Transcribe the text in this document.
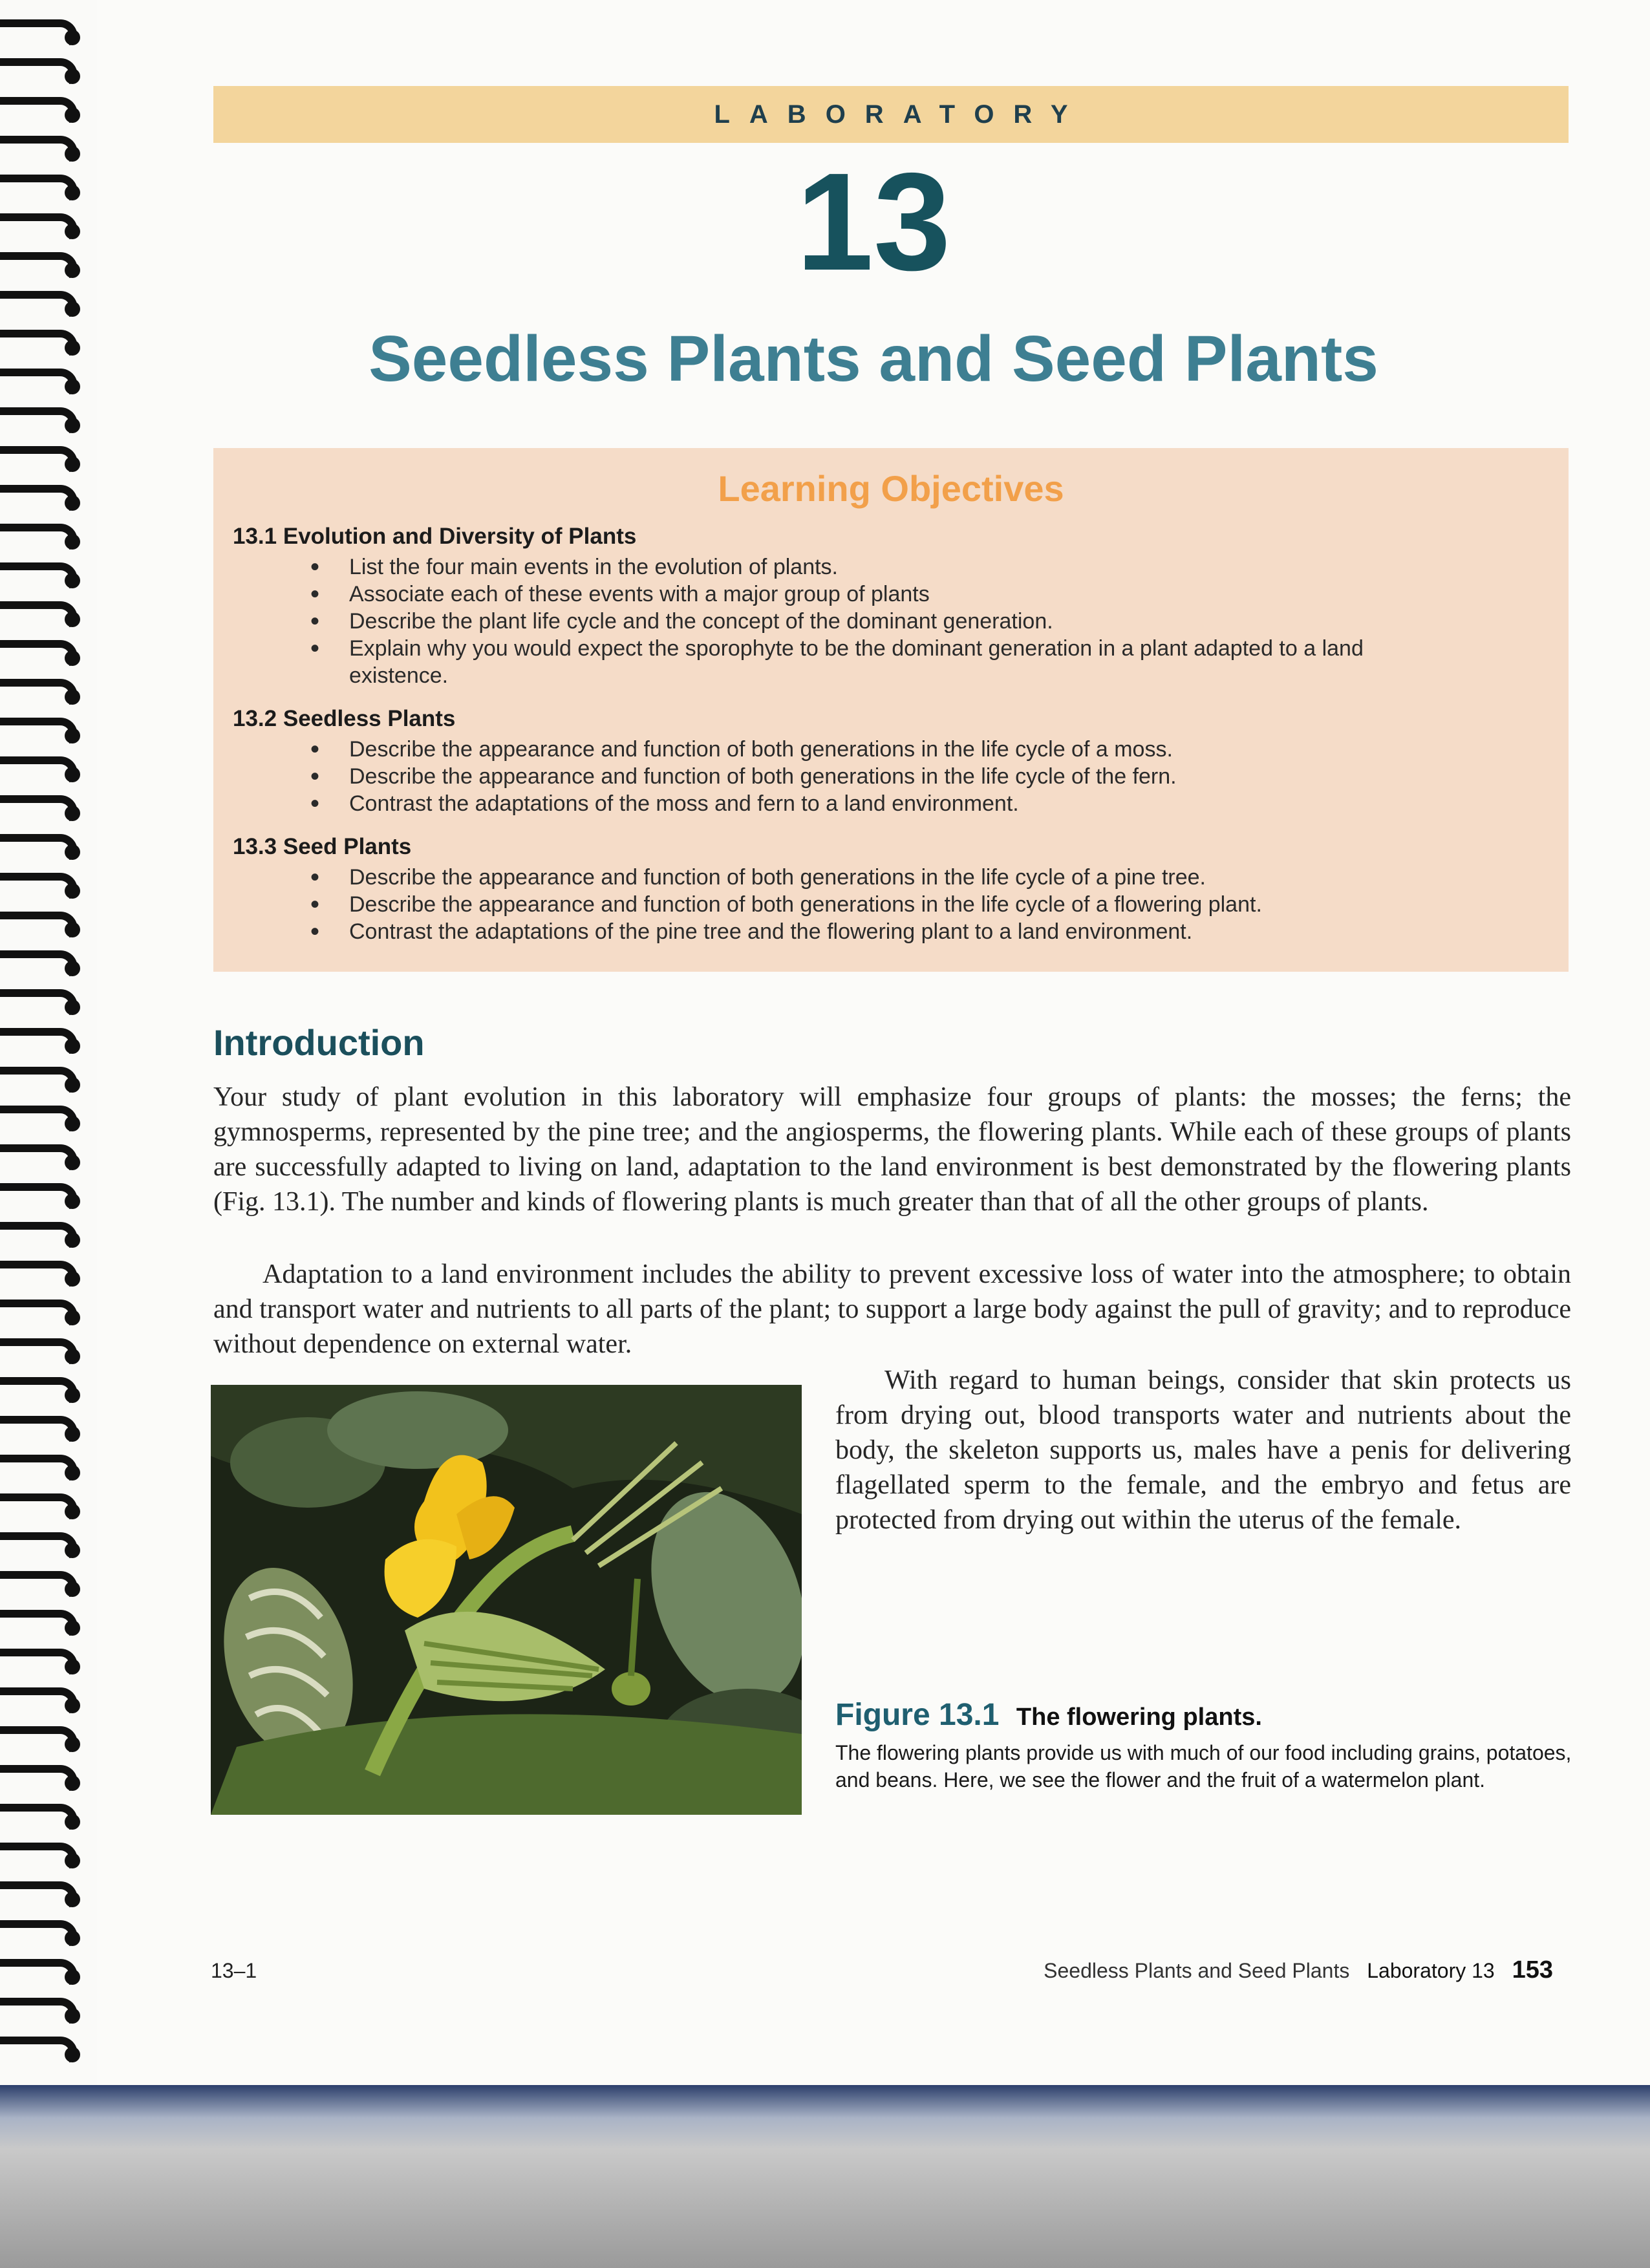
LABORATORY
13
Seedless Plants and Seed Plants
Learning Objectives
13.1 Evolution and Diversity of Plants
• List the four main events in the evolution of plants.
• Associate each of these events with a major group of plants
• Describe the plant life cycle and the concept of the dominant generation.
• Explain why you would expect the sporophyte to be the dominant generation in a plant adapted to a land existence.
13.2 Seedless Plants
• Describe the appearance and function of both generations in the life cycle of a moss.
• Describe the appearance and function of both generations in the life cycle of the fern.
• Contrast the adaptations of the moss and fern to a land environment.
13.3 Seed Plants
• Describe the appearance and function of both generations in the life cycle of a pine tree.
• Describe the appearance and function of both generations in the life cycle of a flowering plant.
• Contrast the adaptations of the pine tree and the flowering plant to a land environment.
Introduction

Your study of plant evolution in this laboratory will emphasize four groups of plants: the mosses; the ferns; the gymnosperms, represented by the pine tree; and the angiosperms, the flowering plants. While each of these groups of plants are successfully adapted to living on land, adaptation to the land environment is best demonstrated by the flowering plants (Fig. 13.1). The number and kinds of flowering plants is much greater than that of all the other groups of plants.

Adaptation to a land environment includes the ability to prevent excessive loss of water into the atmosphere; to obtain and transport water and nutrients to all parts of the plant; to support a large body against the pull of gravity; and to reproduce without dependence on external water.

With regard to human beings, consider that skin protects us from drying out, blood transports water and nutrients about the body, the skeleton supports us, males have a penis for delivering flagellated sperm to the female, and the embryo and fetus are protected from drying out within the uterus of the female.

Figure 13.1 The flowering plants.
The flowering plants provide us with much of our food including grains, potatoes, and beans. Here, we see the flower and the fruit of a watermelon plant.
13–1	Seedless Plants and Seed Plants Laboratory 13 153
